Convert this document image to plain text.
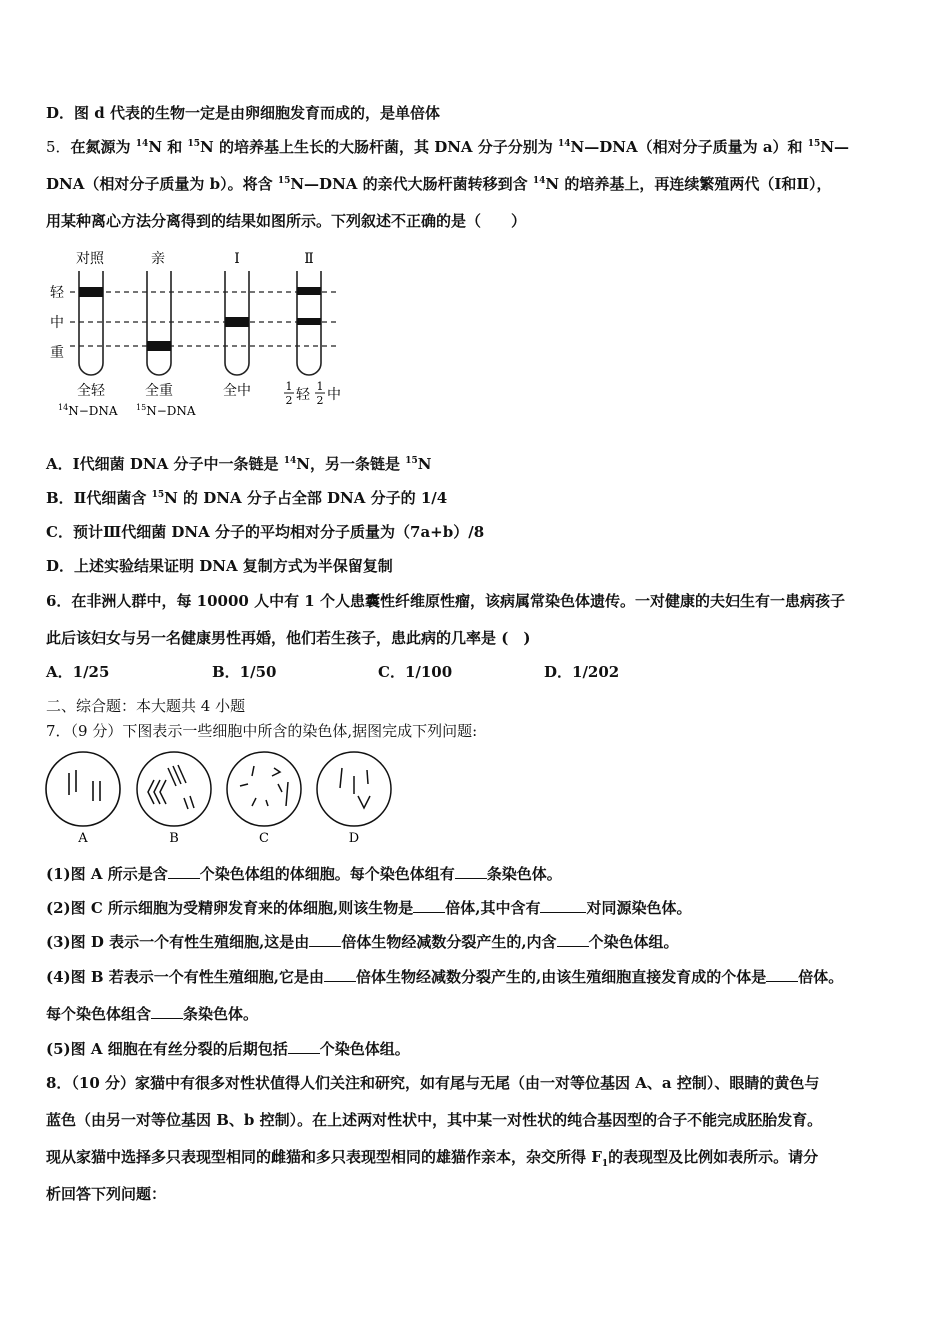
D．图 d 代表的生物一定是由卵细胞发育而成的，是单倍体
5．在氮源为 $^{14}$N 和 $^{15}$N 的培养基上生长的大肠杆菌，其 DNA 分子分别为 $^{14}$N—DNA（相对分子质量为 a）和 $^{15}$N—
DNA（相对分子质量为 b）。将含 $^{15}$N—DNA 的亲代大肠杆菌转移到含 $^{14}$N 的培养基上，再连续繁殖两代（Ⅰ和Ⅱ），
用某种离心方法分离得到的结果如图所示。下列叙述不正确的是（　　）
对照	亲	Ⅰ	Ⅱ
轻
中
重
全轻	全重	全中	1
2 轻
1
2 中
$^{14}$N−DNA $^{15}$N−DNA
A．Ⅰ代细菌 DNA 分子中一条链是 $^{14}$N，另一条链是 $^{15}$N
B．Ⅱ代细菌含 $^{15}$N 的 DNA 分子占全部 DNA 分子的 1/4
C．预计Ⅲ代细菌 DNA 分子的平均相对分子质量为（7a+b）/8
D．上述实验结果证明 DNA 复制方式为半保留复制
6．在非洲人群中，每 10000 人中有 1 个人患囊性纤维原性瘤，该病属常染色体遗传。一对健康的夫妇生有一患病孩子
此后该妇女与另一名健康男性再婚，他们若生孩子，患此病的几率是 (　)
A．1/25	B．1/50	C．1/100	D．1/202
二、综合题：本大题共 4 小题
7．（9 分）下图表示一些细胞中所含的染色体,据图完成下列问题:
A	B	C	D
(1)图 A 所示是含 个染色体组的体细胞。每个染色体组有 条染色体。
(2)图 C 所示细胞为受精卵发育来的体细胞,则该生物是 倍体,其中含有	对同源染色体。
(3)图 D 表示一个有性生殖细胞,这是由 倍体生物经减数分裂产生的,内含 个染色体组。
(4)图 B 若表示一个有性生殖细胞,它是由 倍体生物经减数分裂产生的,由该生殖细胞直接发育成的个体是 倍体。
每个染色体组含 条染色体。
(5)图 A 细胞在有丝分裂的后期包括 个染色体组。
8．（10 分）家猫中有很多对性状值得人们关注和研究，如有尾与无尾（由一对等位基因 A、a 控制）、眼睛的黄色与
蓝色（由另一对等位基因 B、b 控制）。在上述两对性状中，其中某一对性状的纯合基因型的合子不能完成胚胎发育。
现从家猫中选择多只表现型相同的雌猫和多只表现型相同的雄猫作亲本，杂交所得 $F_1$的表现型及比例如表所示。请分
析回答下列问题：
